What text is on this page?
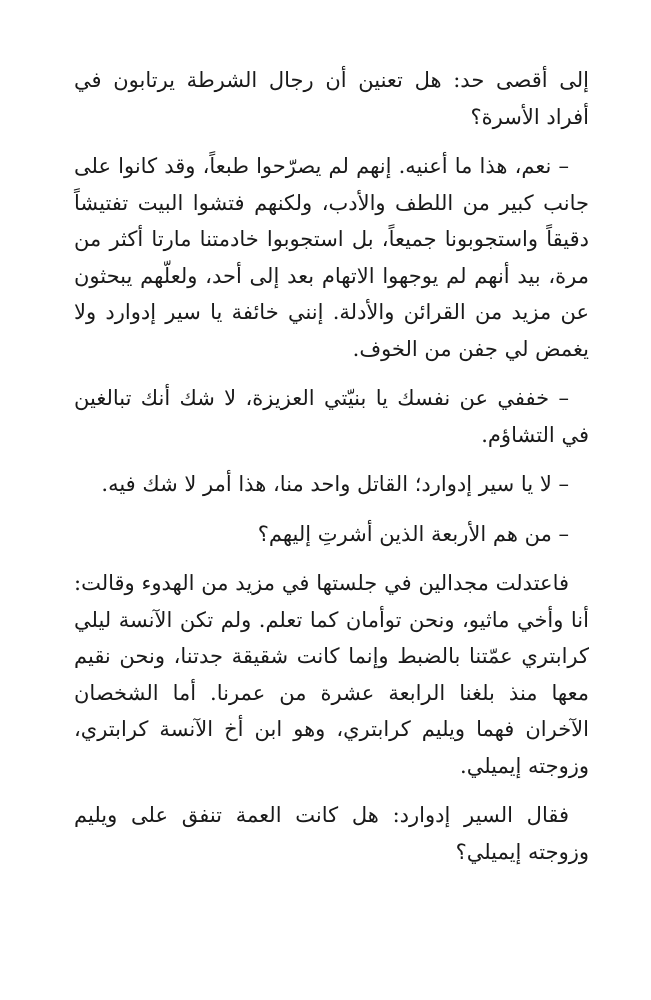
إلى أقصى حد: هل تعنين أن رجال الشرطة يرتابون في أفراد الأسرة؟

– نعم، هذا ما أعنيه. إنهم لم يصرّحوا طبعاً، وقد كانوا على جانب كبير من اللطف والأدب، ولكنهم فتشوا البيت تفتيشاً دقيقاً واستجوبونا جميعاً، بل استجوبوا خادمتنا مارتا أكثر من مرة، بيد أنهم لم يوجهوا الاتهام بعد إلى أحد، ولعلّهم يبحثون عن مزيد من القرائن والأدلة. إنني خائفة يا سير إدوارد ولا يغمض لي جفن من الخوف.

– خففي عن نفسك يا بنيّتي العزيزة، لا شك أنك تبالغين في التشاؤم.

– لا يا سير إدوارد؛ القاتل واحد منا، هذا أمر لا شك فيه.

– من هم الأربعة الذين أشرتِ إليهم؟

فاعتدلت مجدالين في جلستها في مزيد من الهدوء وقالت: أنا وأخي ماثيو، ونحن توأمان كما تعلم. ولم تكن الآنسة ليلي كرابتري عمّتنا بالضبط وإنما كانت شقيقة جدتنا، ونحن نقيم معها منذ بلغنا الرابعة عشرة من عمرنا. أما الشخصان الآخران فهما ويليم كرابتري، وهو ابن أخ الآنسة كرابتري، وزوجته إيميلي.

فقال السير إدوارد: هل كانت العمة تنفق على ويليم وزوجته إيميلي؟
